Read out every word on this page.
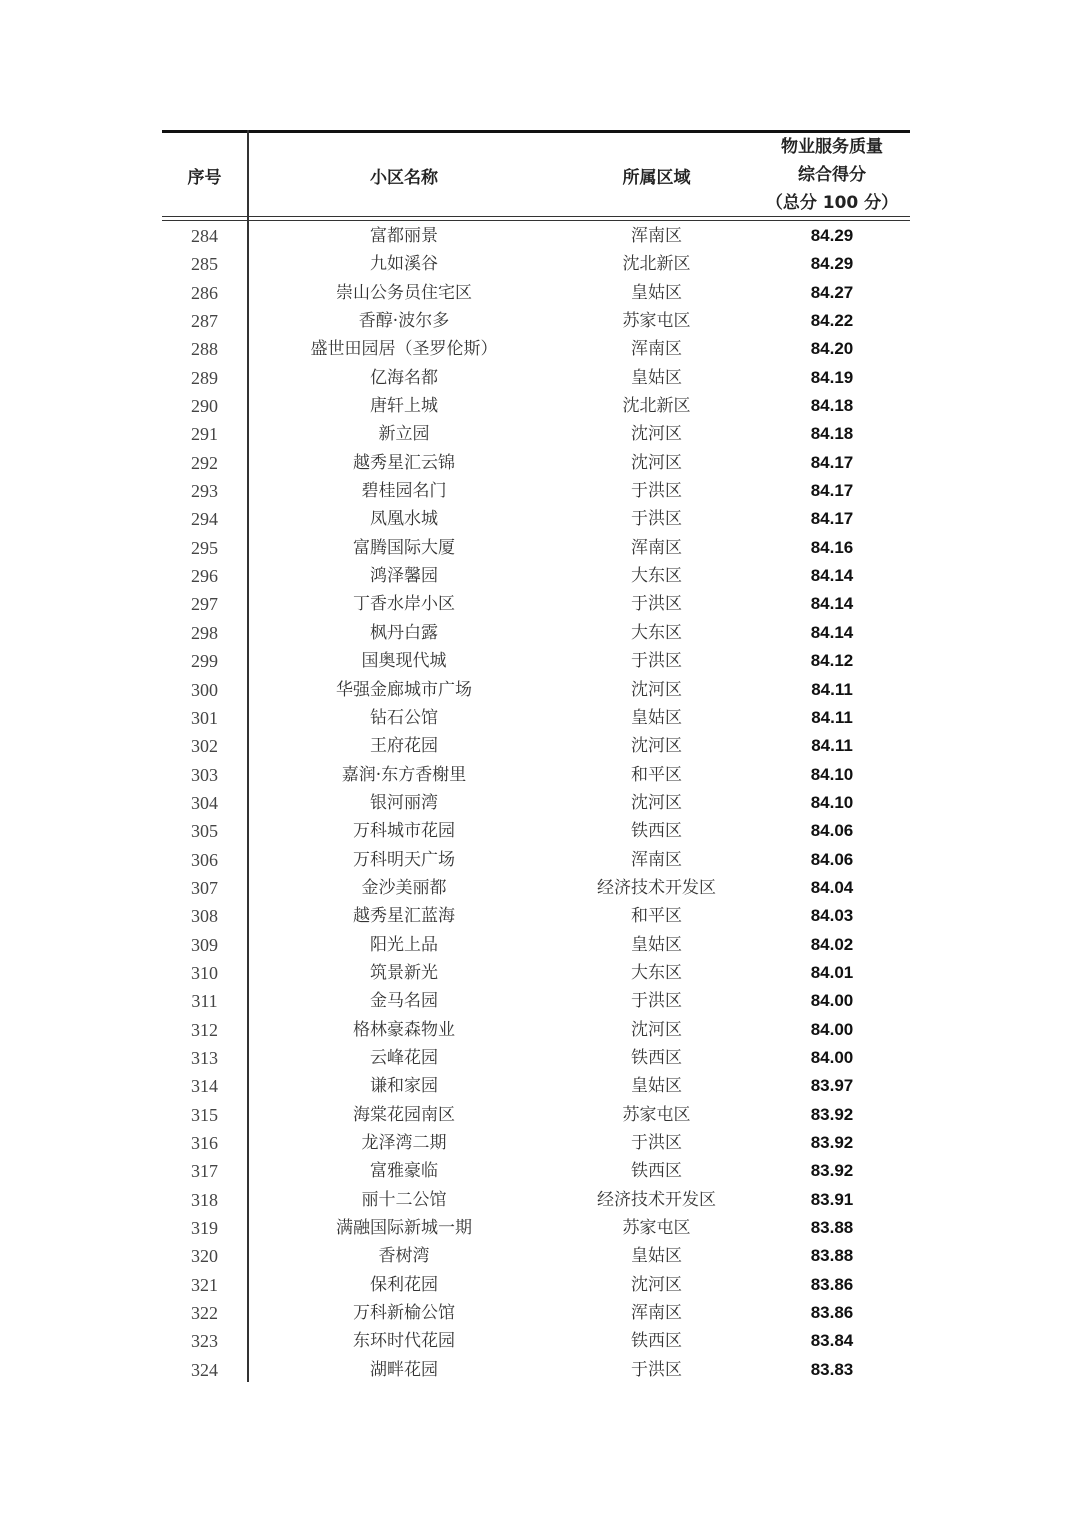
序号	小区名称	所属区域
物业服务质量
综合得分
（总分 100 分）
284	富都丽景	浑南区	84.29
285	九如溪谷	沈北新区	84.29
286	崇山公务员住宅区	皇姑区	84.27
287	香醇·波尔多	苏家屯区	84.22
288	盛世田园居（圣罗伦斯）	浑南区	84.20
289	亿海名都	皇姑区	84.19
290	唐轩上城	沈北新区	84.18
291	新立园	沈河区	84.18
292	越秀星汇云锦	沈河区	84.17
293	碧桂园名门	于洪区	84.17
294	凤凰水城	于洪区	84.17
295	富腾国际大厦	浑南区	84.16
296	鸿泽馨园	大东区	84.14
297	丁香水岸小区	于洪区	84.14
298	枫丹白露	大东区	84.14
299	国奥现代城	于洪区	84.12
300	华强金廊城市广场	沈河区	84.11
301	钻石公馆	皇姑区	84.11
302	王府花园	沈河区	84.11
303	嘉润·东方香榭里	和平区	84.10
304	银河丽湾	沈河区	84.10
305	万科城市花园	铁西区	84.06
306	万科明天广场	浑南区	84.06
307	金沙美丽都	经济技术开发区	84.04
308	越秀星汇蓝海	和平区	84.03
309	阳光上品	皇姑区	84.02
310	筑景新光	大东区	84.01
311	金马名园	于洪区	84.00
312	格林豪森物业	沈河区	84.00
313	云峰花园	铁西区	84.00
314	谦和家园	皇姑区	83.97
315	海棠花园南区	苏家屯区	83.92
316	龙泽湾二期	于洪区	83.92
317	富雅豪临	铁西区	83.92
318	丽十二公馆	经济技术开发区	83.91
319	满融国际新城一期	苏家屯区	83.88
320	香树湾	皇姑区	83.88
321	保利花园	沈河区	83.86
322	万科新榆公馆	浑南区	83.86
323	东环时代花园	铁西区	83.84
324	湖畔花园	于洪区	83.83
